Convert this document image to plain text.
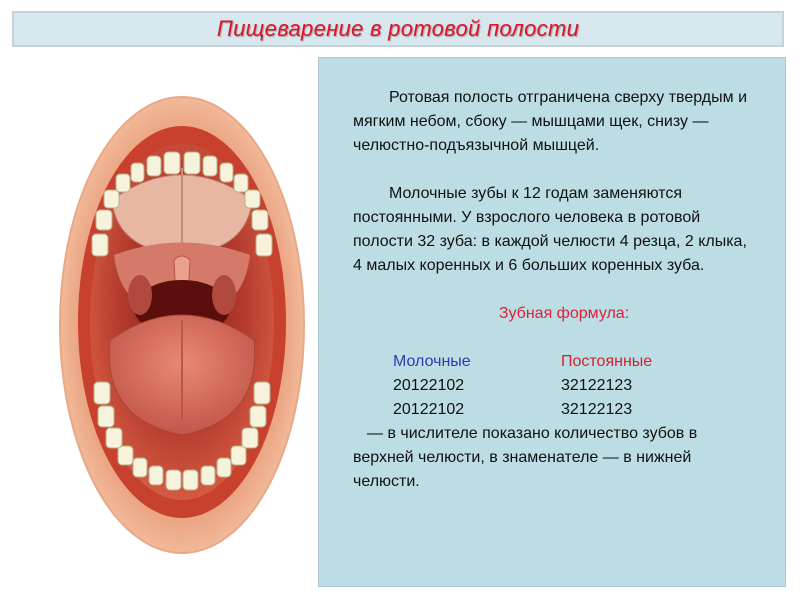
Пищеварение в ротовой полости

Ротовая полость отграничена сверху твердым и мягким небом, сбоку — мышцами щек, снизу — челюстно-подъязычной мышцей.

Молочные зубы к 12 годам заменяются постоянными. У взрослого человека в ротовой полости 32 зуба: в каждой челюсти 4 резца, 2 клыка, 4 малых коренных и 6 больших коренных зуба.

Зубная формула:

Молочные	Постоянные
20122102	32122123
20122102	32122123

— в числителе показано количество зубов в верхней челюсти, в знаменателе — в нижней челюсти.
